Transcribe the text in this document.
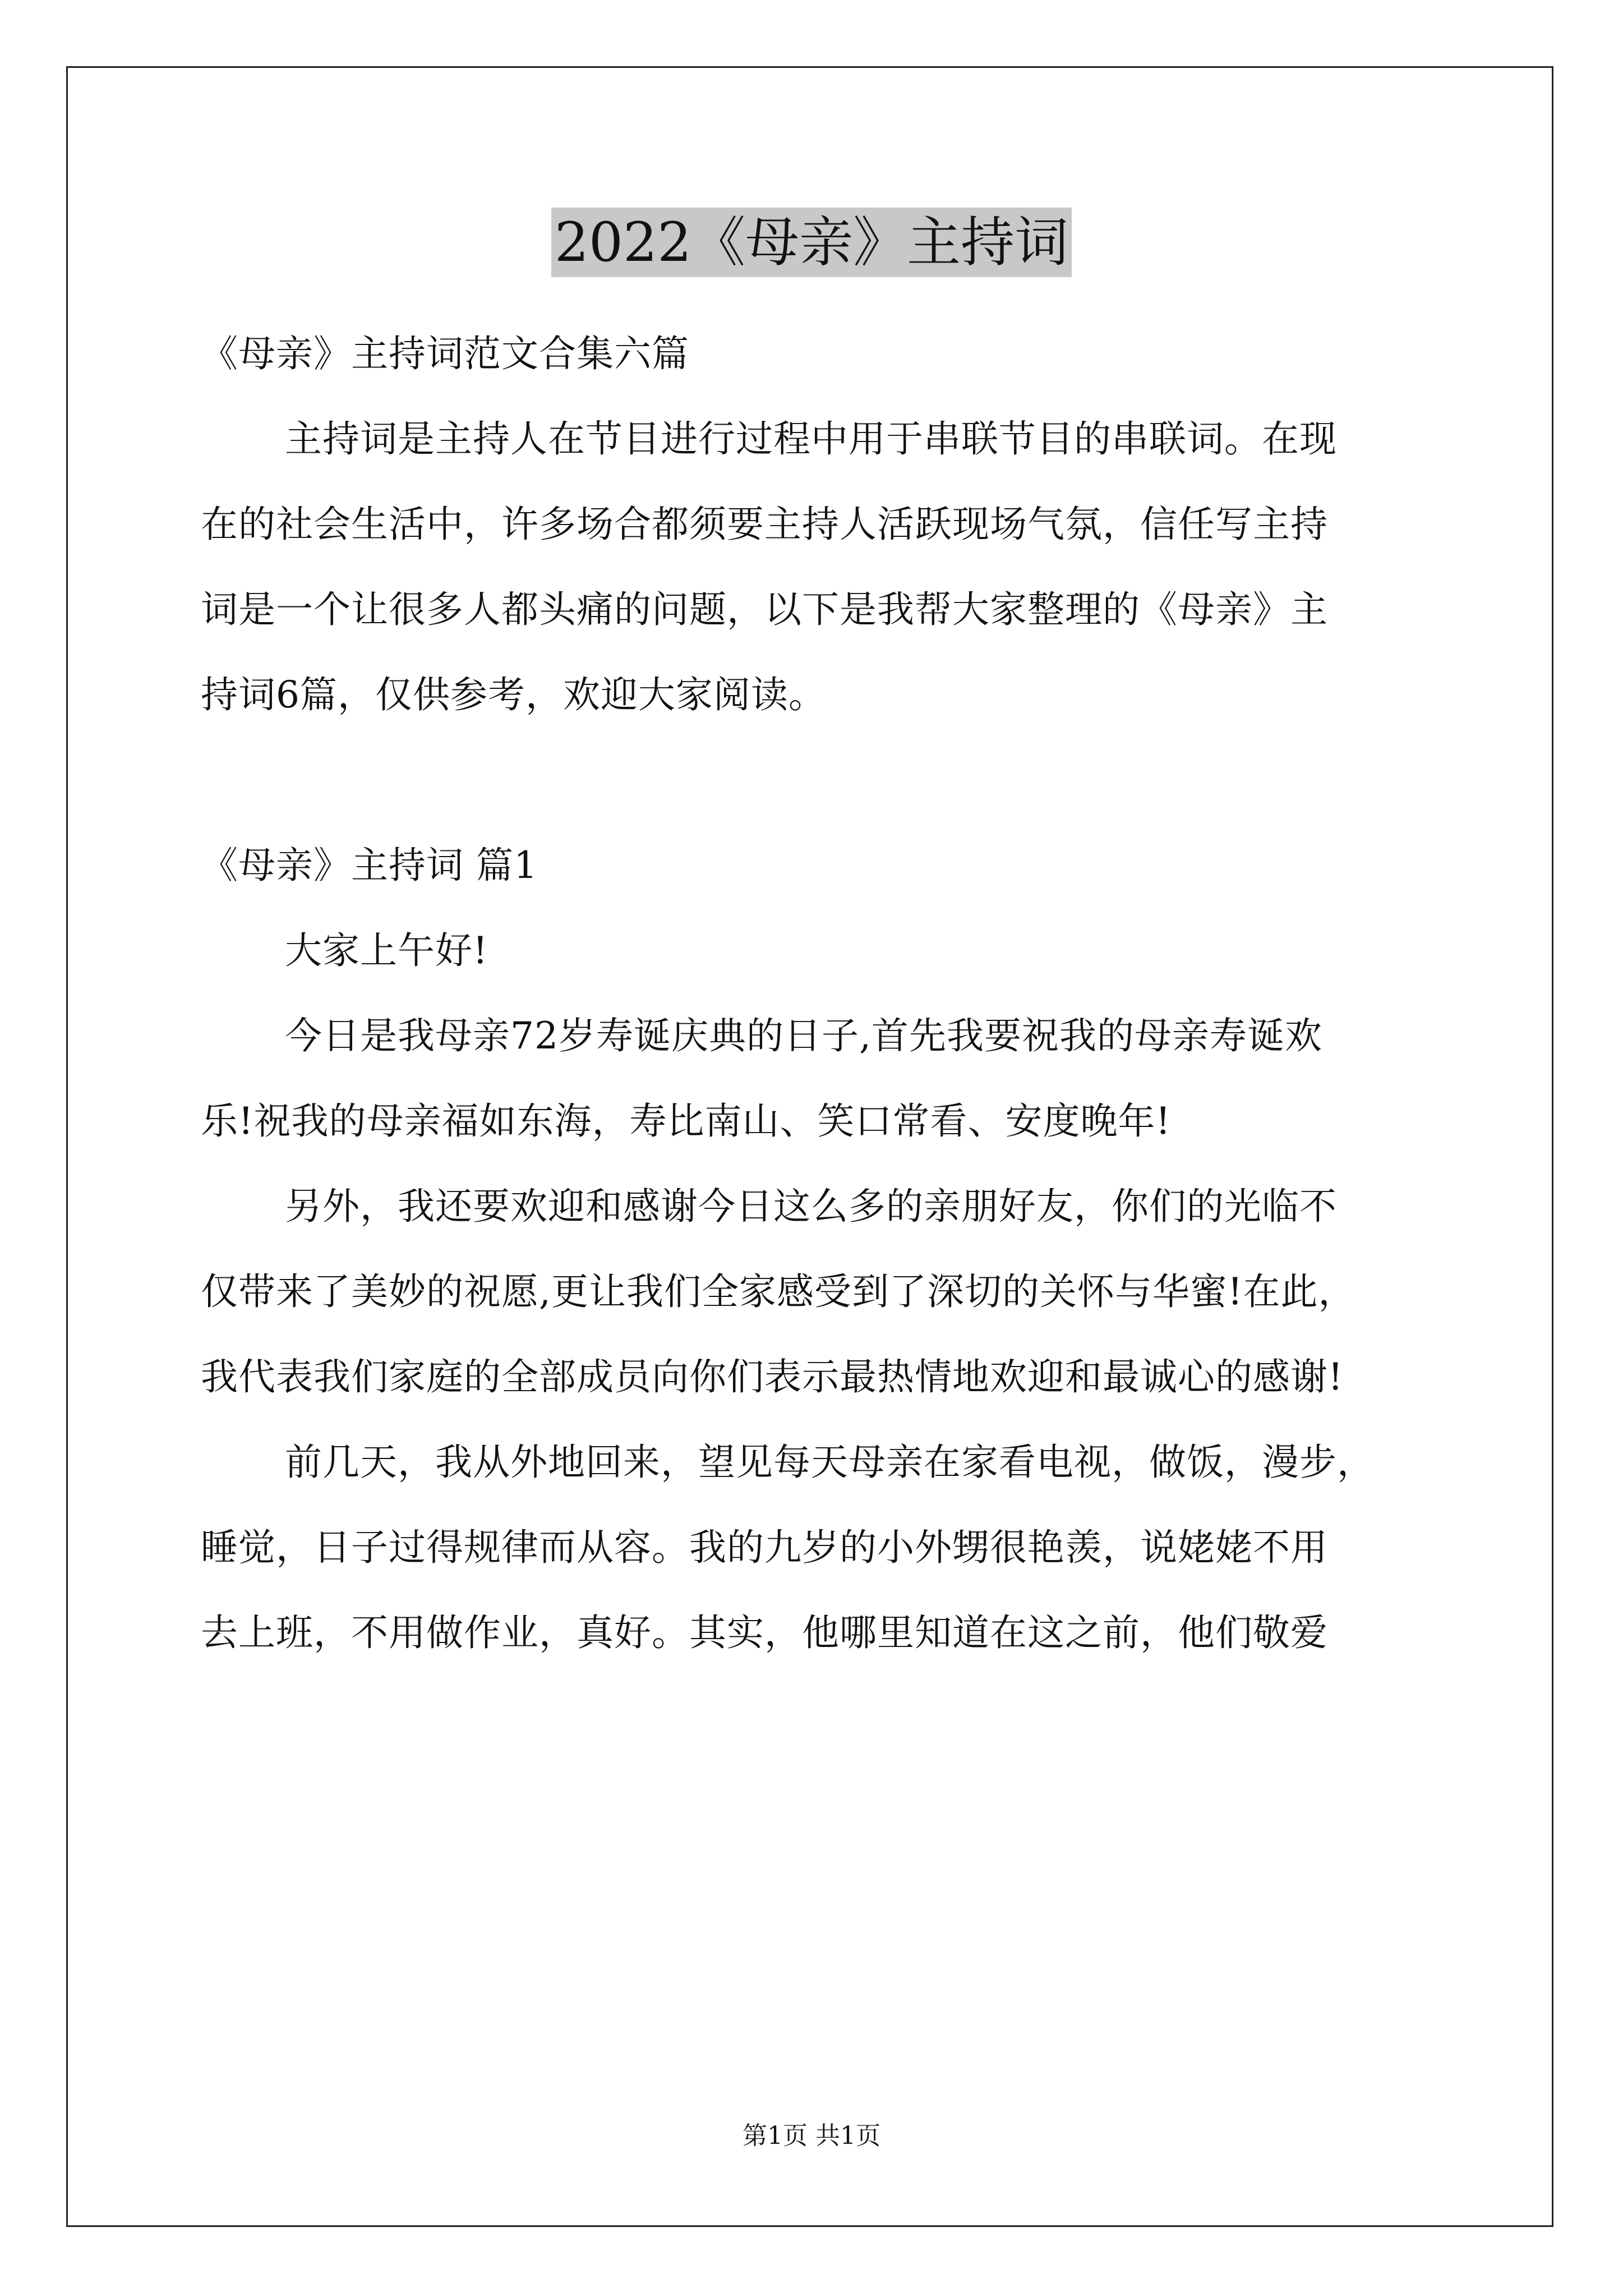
2022《母亲》主持词
《母亲》主持词范文合集六篇
主持词是主持人在节目进行过程中用于串联节目的串联词。在现
在的社会生活中，许多场合都须要主持人活跃现场气氛，信任写主持
词是一个让很多人都头痛的问题，以下是我帮大家整理的《母亲》主
持词6篇，仅供参考，欢迎大家阅读。
《母亲》主持词 篇1
大家上午好!
今日是我母亲72岁寿诞庆典的日子,首先我要祝我的母亲寿诞欢
乐!祝我的母亲福如东海，寿比南山、笑口常看、安度晚年!
另外，我还要欢迎和感谢今日这么多的亲朋好友，你们的光临不
仅带来了美妙的祝愿,更让我们全家感受到了深切的关怀与华蜜!在此，
我代表我们家庭的全部成员向你们表示最热情地欢迎和最诚心的感谢!
前几天，我从外地回来，望见每天母亲在家看电视，做饭，漫步，
睡觉，日子过得规律而从容。我的九岁的小外甥很艳羡，说姥姥不用
去上班，不用做作业，真好。其实，他哪里知道在这之前，他们敬爱
第1页 共1页
